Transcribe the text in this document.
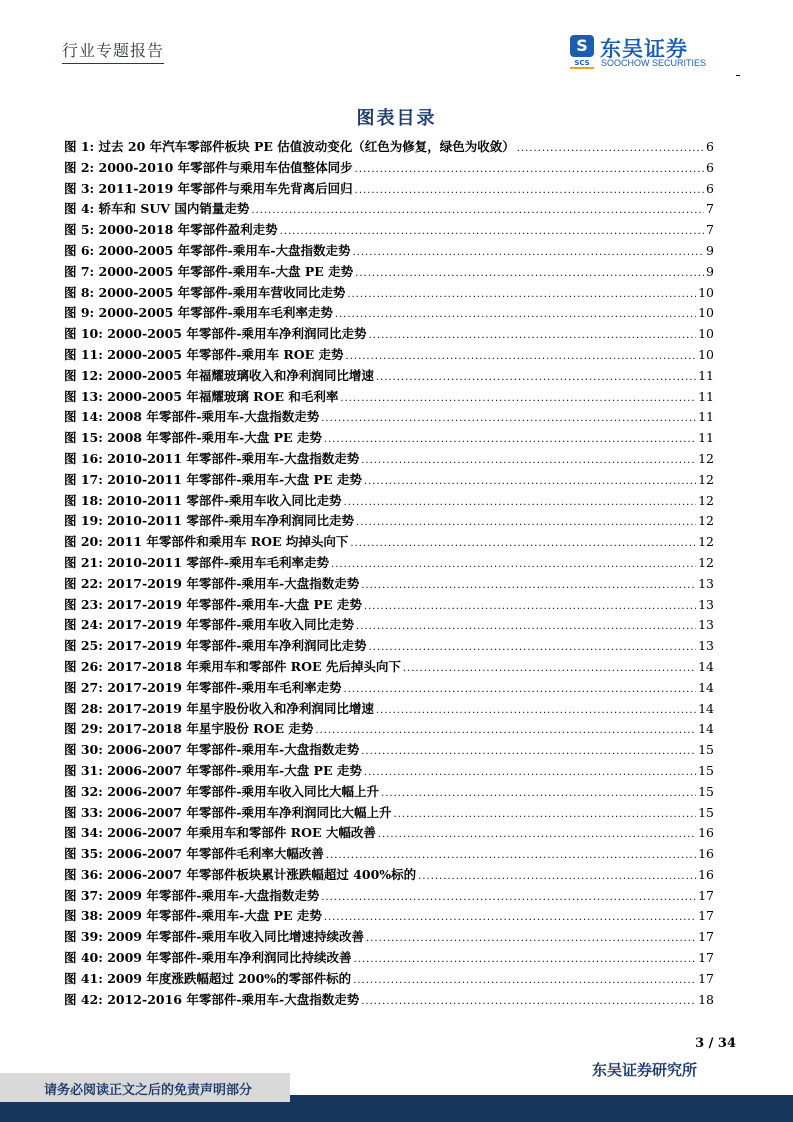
行业专题报告	S
SCS
东吴证券
SOOCHOW SECURITIES
图表目录
图 1: 过去 20 年汽车零部件板块 PE 估值波动变化（红色为修复，绿色为收敛） .....	6
图 2: 2000-2010 年零部件与乘用车估值整体同步 .....	6
图 3: 2011-2019 年零部件与乘用车先背离后回归 .....	6
图 4: 轿车和 SUV 国内销量走势 .....	7
图 5: 2000-2018 年零部件盈利走势 .....	7
图 6: 2000-2005 年零部件-乘用车-大盘指数走势 .....	9
图 7: 2000-2005 年零部件-乘用车-大盘 PE 走势 .....	9
图 8: 2000-2005 年零部件-乘用车营收同比走势 .....	10
图 9: 2000-2005 年零部件-乘用车毛利率走势 .....	10
图 10: 2000-2005 年零部件-乘用车净利润同比走势 .....	10
图 11: 2000-2005 年零部件-乘用车 ROE 走势 .....	10
图 12: 2000-2005 年福耀玻璃收入和净利润同比增速 .....	11
图 13: 2000-2005 年福耀玻璃 ROE 和毛利率 .....	11
图 14: 2008 年零部件-乘用车-大盘指数走势 .....	11
图 15: 2008 年零部件-乘用车-大盘 PE 走势 .....	11
图 16: 2010-2011 年零部件-乘用车-大盘指数走势 .....	12
图 17: 2010-2011 年零部件-乘用车-大盘 PE 走势 .....	12
图 18: 2010-2011 零部件-乘用车收入同比走势 .....	12
图 19: 2010-2011 零部件-乘用车净利润同比走势 .....	12
图 20: 2011 年零部件和乘用车 ROE 均掉头向下 .....	12
图 21: 2010-2011 零部件-乘用车毛利率走势 .....	12
图 22: 2017-2019 年零部件-乘用车-大盘指数走势 .....	13
图 23: 2017-2019 年零部件-乘用车-大盘 PE 走势 .....	13
图 24: 2017-2019 年零部件-乘用车收入同比走势 .....	13
图 25: 2017-2019 年零部件-乘用车净利润同比走势 .....	13
图 26: 2017-2018 年乘用车和零部件 ROE 先后掉头向下 .....	14
图 27: 2017-2019 年零部件-乘用车毛利率走势 .....	14
图 28: 2017-2019 年星宇股份收入和净利润同比增速 .....	14
图 29: 2017-2018 年星宇股份 ROE 走势 .....	14
图 30: 2006-2007 年零部件-乘用车-大盘指数走势 .....	15
图 31: 2006-2007 年零部件-乘用车-大盘 PE 走势 .....	15
图 32: 2006-2007 年零部件-乘用车收入同比大幅上升 .....	15
图 33: 2006-2007 年零部件-乘用车净利润同比大幅上升 .....	15
图 34: 2006-2007 年乘用车和零部件 ROE 大幅改善 .....	16
图 35: 2006-2007 年零部件毛利率大幅改善 .....	16
图 36: 2006-2007 年零部件板块累计涨跌幅超过 400%标的 .....	16
图 37: 2009 年零部件-乘用车-大盘指数走势 .....	17
图 38: 2009 年零部件-乘用车-大盘 PE 走势 .....	17
图 39: 2009 年零部件-乘用车收入同比增速持续改善 .....	17
图 40: 2009 年零部件-乘用车净利润同比持续改善 .....	17
图 41: 2009 年度涨跌幅超过 200%的零部件标的 .....	17
图 42: 2012-2016 年零部件-乘用车-大盘指数走势 .....	18
3 / 34
东吴证券研究所
请务必阅读正文之后的免责声明部分
